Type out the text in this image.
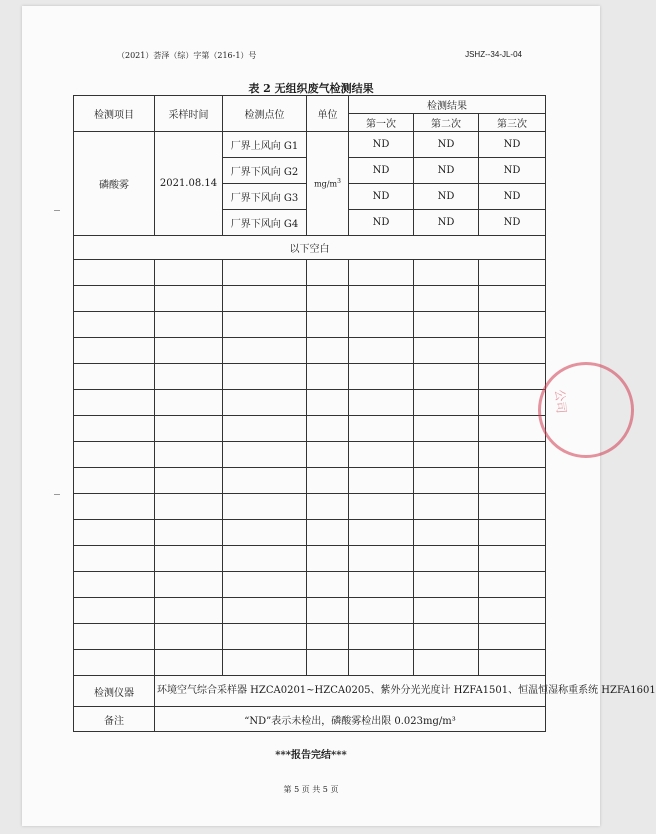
（2021）荟泽（综）字第（216-1）号	JSHZ--34-JL-04
表 2 无组织废气检测结果
检测项目	采样时间	检测点位	单位	检测结果		
				第一次	第二次	第三次
磷酸雾	2021.08.14	厂界上风向 G1	$mg/m^3$	ND	ND	ND
		厂界下风向 G2		ND	ND	ND
		厂界下风向 G3		ND	ND	ND
		厂界下风向 G4		ND	ND	ND
以下空白						

检测仪器	环境空气综合采样器 HZCA0201~HZCA0205、紫外分光光度计 HZFA1501、恒温恒湿称重系统 HZFA1601					
备注	“ND”表示未检出，磷酸雾检出限 0.023mg/m³					
***报告完结***
第 5 页 共 5 页
公司
